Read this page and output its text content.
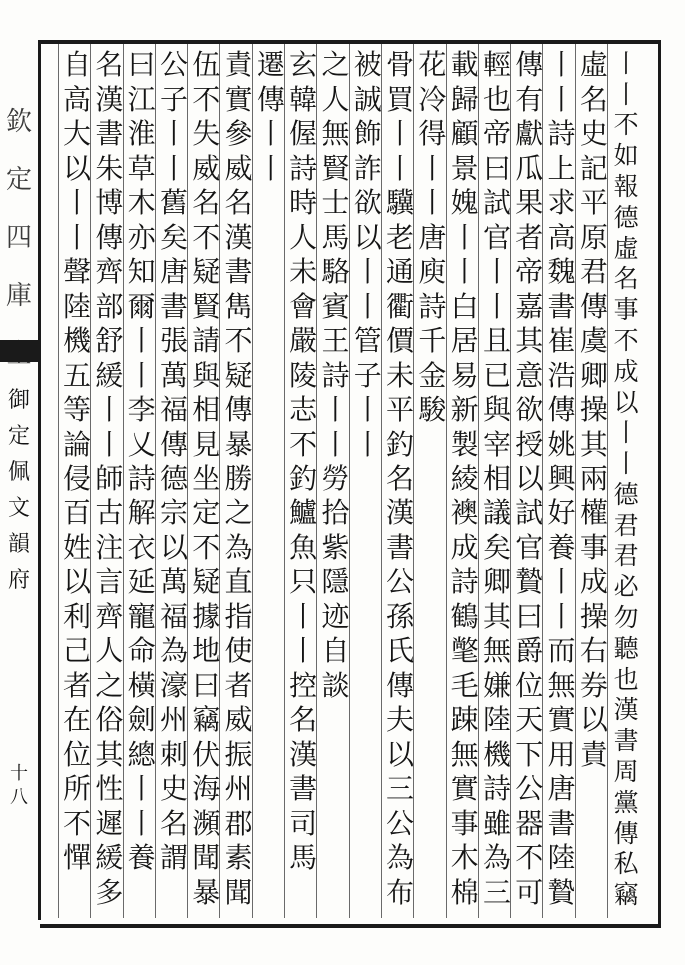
欽
定
四
庫
御
定
佩
文
韻
府
十
八
丨
丨
不
如
報
德
虛
名
事
不
成
以
丨
丨
德
君
君
必
勿
聽
也
漢
書
周
黨
傳
私
竊
虛
名
史
記
平
原
君
傳
虞
卿
操
其
兩
權
事
成
操
右
券
以
責
丨
丨
詩
上
求
高
魏
書
崔
浩
傳
姚
興
好
養
丨
丨
而
無
實
用
唐
書
陸
贄
傳
有
獻
瓜
果
者
帝
嘉
其
意
欲
授
以
試
官
贄
曰
爵
位
天
下
公
器
不
可
輕
也
帝
曰
試
官
丨
丨
且
已
與
宰
相
議
矣
卿
其
無
嫌
陸
機
詩
雖
為
三
載
歸
顧
景
媿
丨
丨
白
居
易
新
製
綾
襖
成
詩
鶴
氅
毛
踈
無
實
事
木
棉
花
冷
得
丨
丨
唐
庾
詩
千
金
駿
骨
買
丨
丨
驥
老
通
衢
價
未
平
釣
名
漢
書
公
孫
氏
傳
夫
以
三
公
為
布
被
誠
飾
詐
欲
以
丨
丨
管
子
丨
丨
之
人
無
賢
士
馬
駱
賓
王
詩
丨
丨
勞
拾
紫
隱
迹
自
談
玄
韓
偓
詩
時
人
未
會
嚴
陵
志
不
釣
鱸
魚
只
丨
丨
控
名
漢
書
司
馬
遷
傳
丨
丨
責
實
參
威
名
漢
書
雋
不
疑
傳
暴
勝
之
為
直
指
使
者
威
振
州
郡
素
聞
伍
不
失
威
名
不
疑
賢
請
與
相
見
坐
定
不
疑
據
地
曰
竊
伏
海
瀕
聞
暴
公
子
丨
丨
舊
矣
唐
書
張
萬
福
傳
德
宗
以
萬
福
為
濠
州
刺
史
名
謂
曰
江
淮
草
木
亦
知
爾
丨
丨
李
乂
詩
解
衣
延
寵
命
橫
劍
總
丨
丨
養
名
漢
書
朱
博
傳
齊
部
舒
緩
丨
丨
師
古
注
言
齊
人
之
俗
其
性
遲
緩
多
自
高
大
以
丨
丨
聲
陸
機
五
等
論
侵
百
姓
以
利
己
者
在
位
所
不
憚
